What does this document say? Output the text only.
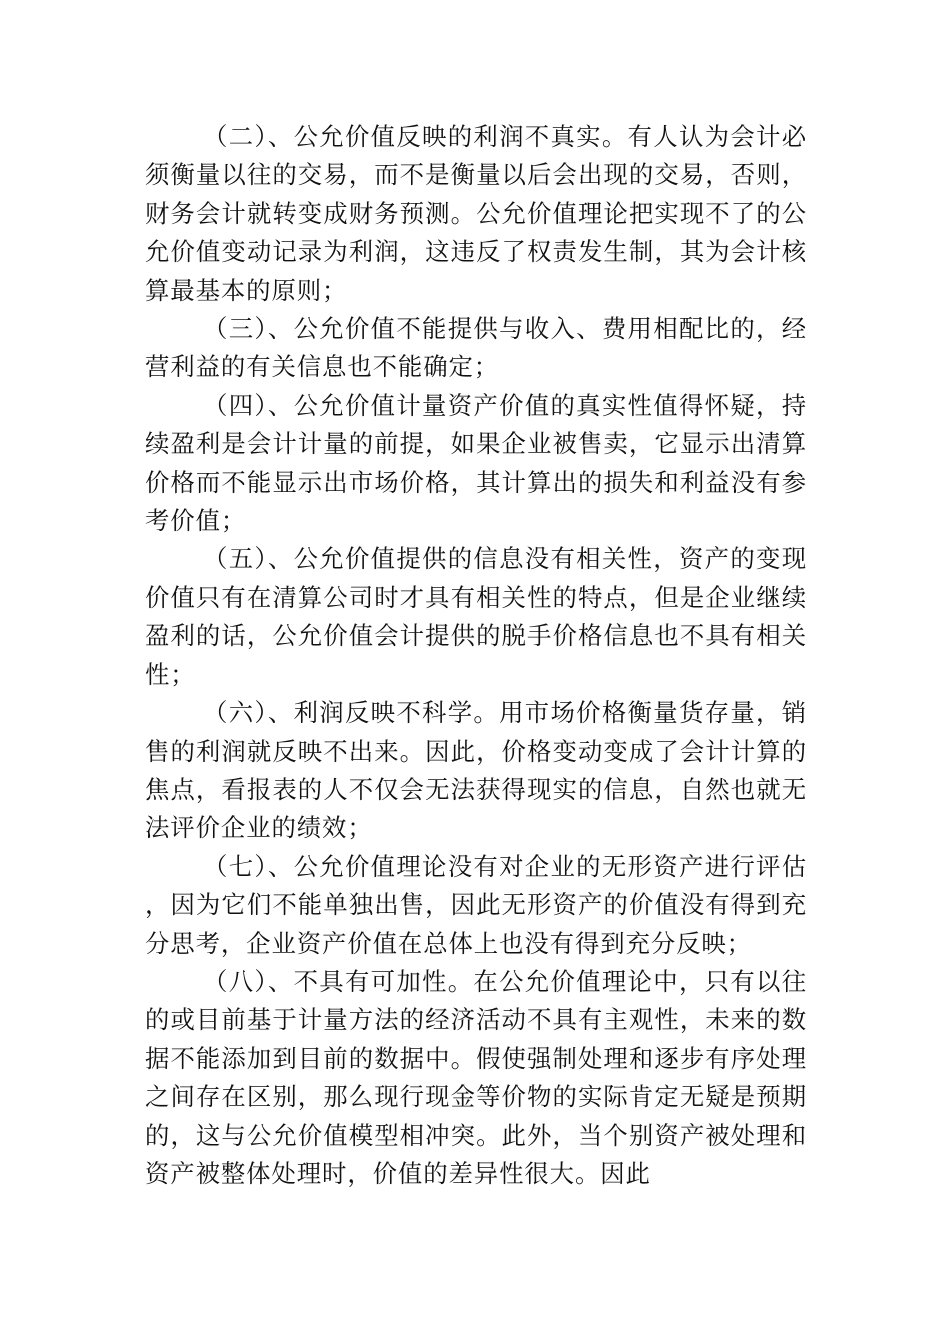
（二）、公允价值反映的利润不真实。有人认为会计必须衡量以往的交易，而不是衡量以后会出现的交易，否则，财务会计就转变成财务预测。公允价值理论把实现不了的公允价值变动记录为利润，这违反了权责发生制，其为会计核算最基本的原则；

（三）、公允价值不能提供与收入、费用相配比的，经营利益的有关信息也不能确定；

（四）、公允价值计量资产价值的真实性值得怀疑，持续盈利是会计计量的前提，如果企业被售卖，它显示出清算价格而不能显示出市场价格，其计算出的损失和利益没有参考价值；

（五）、公允价值提供的信息没有相关性，资产的变现价值只有在清算公司时才具有相关性的特点，但是企业继续盈利的话，公允价值会计提供的脱手价格信息也不具有相关性；

（六）、利润反映不科学。用市场价格衡量货存量，销售的利润就反映不出来。因此，价格变动变成了会计计算的焦点，看报表的人不仅会无法获得现实的信息，自然也就无法评价企业的绩效；

（七）、公允价值理论没有对企业的无形资产进行评估，因为它们不能单独出售，因此无形资产的价值没有得到充分思考，企业资产价值在总体上也没有得到充分反映；

（八）、不具有可加性。在公允价值理论中，只有以往的或目前基于计量方法的经济活动不具有主观性，未来的数据不能添加到目前的数据中。假使强制处理和逐步有序处理之间存在区别，那么现行现金等价物的实际肯定无疑是预期的，这与公允价值模型相冲突。此外，当个别资产被处理和资产被整体处理时，价值的差异性很大。因此
